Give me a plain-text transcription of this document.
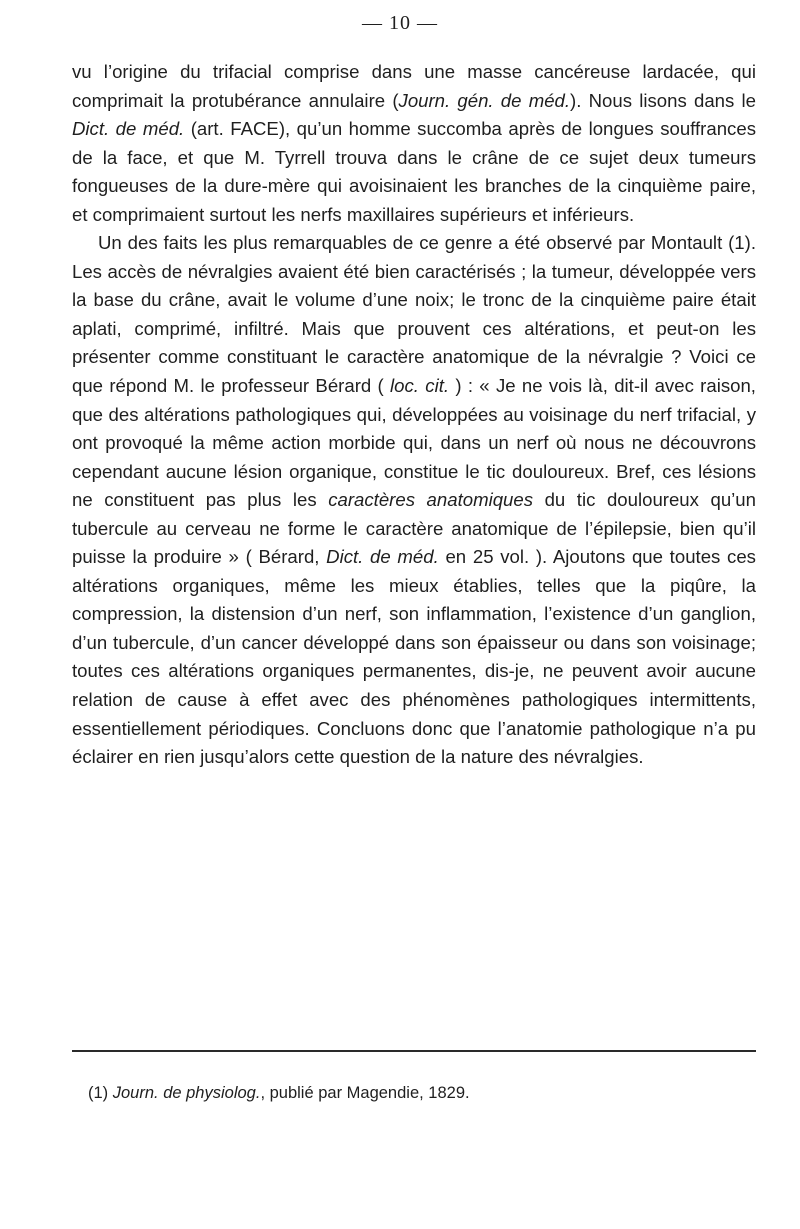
— 10 —

vu l’origine du trifacial comprise dans une masse cancéreuse lardacée, qui comprimait la protubérance annulaire (Journ. gén. de méd.). Nous lisons dans le Dict. de méd. (art. FACE), qu’un homme succomba après de longues souffrances de la face, et que M. Tyrrell trouva dans le crâne de ce sujet deux tumeurs fongueuses de la dure-mère qui avoisinaient les branches de la cinquième paire, et comprimaient surtout les nerfs maxillaires supérieurs et inférieurs.

Un des faits les plus remarquables de ce genre a été observé par Montault (1). Les accès de névralgies avaient été bien caractérisés ; la tumeur, développée vers la base du crâne, avait le volume d’une noix; le tronc de la cinquième paire était aplati, comprimé, infiltré. Mais que prouvent ces altérations, et peut-on les présenter comme constituant le caractère anatomique de la névralgie ? Voici ce que répond M. le professeur Bérard ( loc. cit. ) : « Je ne vois là, dit-il avec raison, que des altérations pathologiques qui, développées au voisinage du nerf trifacial, y ont provoqué la même action morbide qui, dans un nerf où nous ne découvrons cependant aucune lésion organique, constitue le tic douloureux. Bref, ces lésions ne constituent pas plus les caractères anatomiques du tic douloureux qu’un tubercule au cerveau ne forme le caractère anatomique de l’épilepsie, bien qu’il puisse la produire » ( Bérard, Dict. de méd. en 25 vol. ). Ajoutons que toutes ces altérations organiques, même les mieux établies, telles que la piqûre, la compression, la distension d’un nerf, son inflammation, l’existence d’un ganglion, d’un tubercule, d’un cancer développé dans son épaisseur ou dans son voisinage; toutes ces altérations organiques permanentes, dis-je, ne peuvent avoir aucune relation de cause à effet avec des phénomènes pathologiques intermittents, essentiellement périodiques. Concluons donc que l’anatomie pathologique n’a pu éclairer en rien jusqu’alors cette question de la nature des névralgies.

(1) Journ. de physiolog., publié par Magendie, 1829.
